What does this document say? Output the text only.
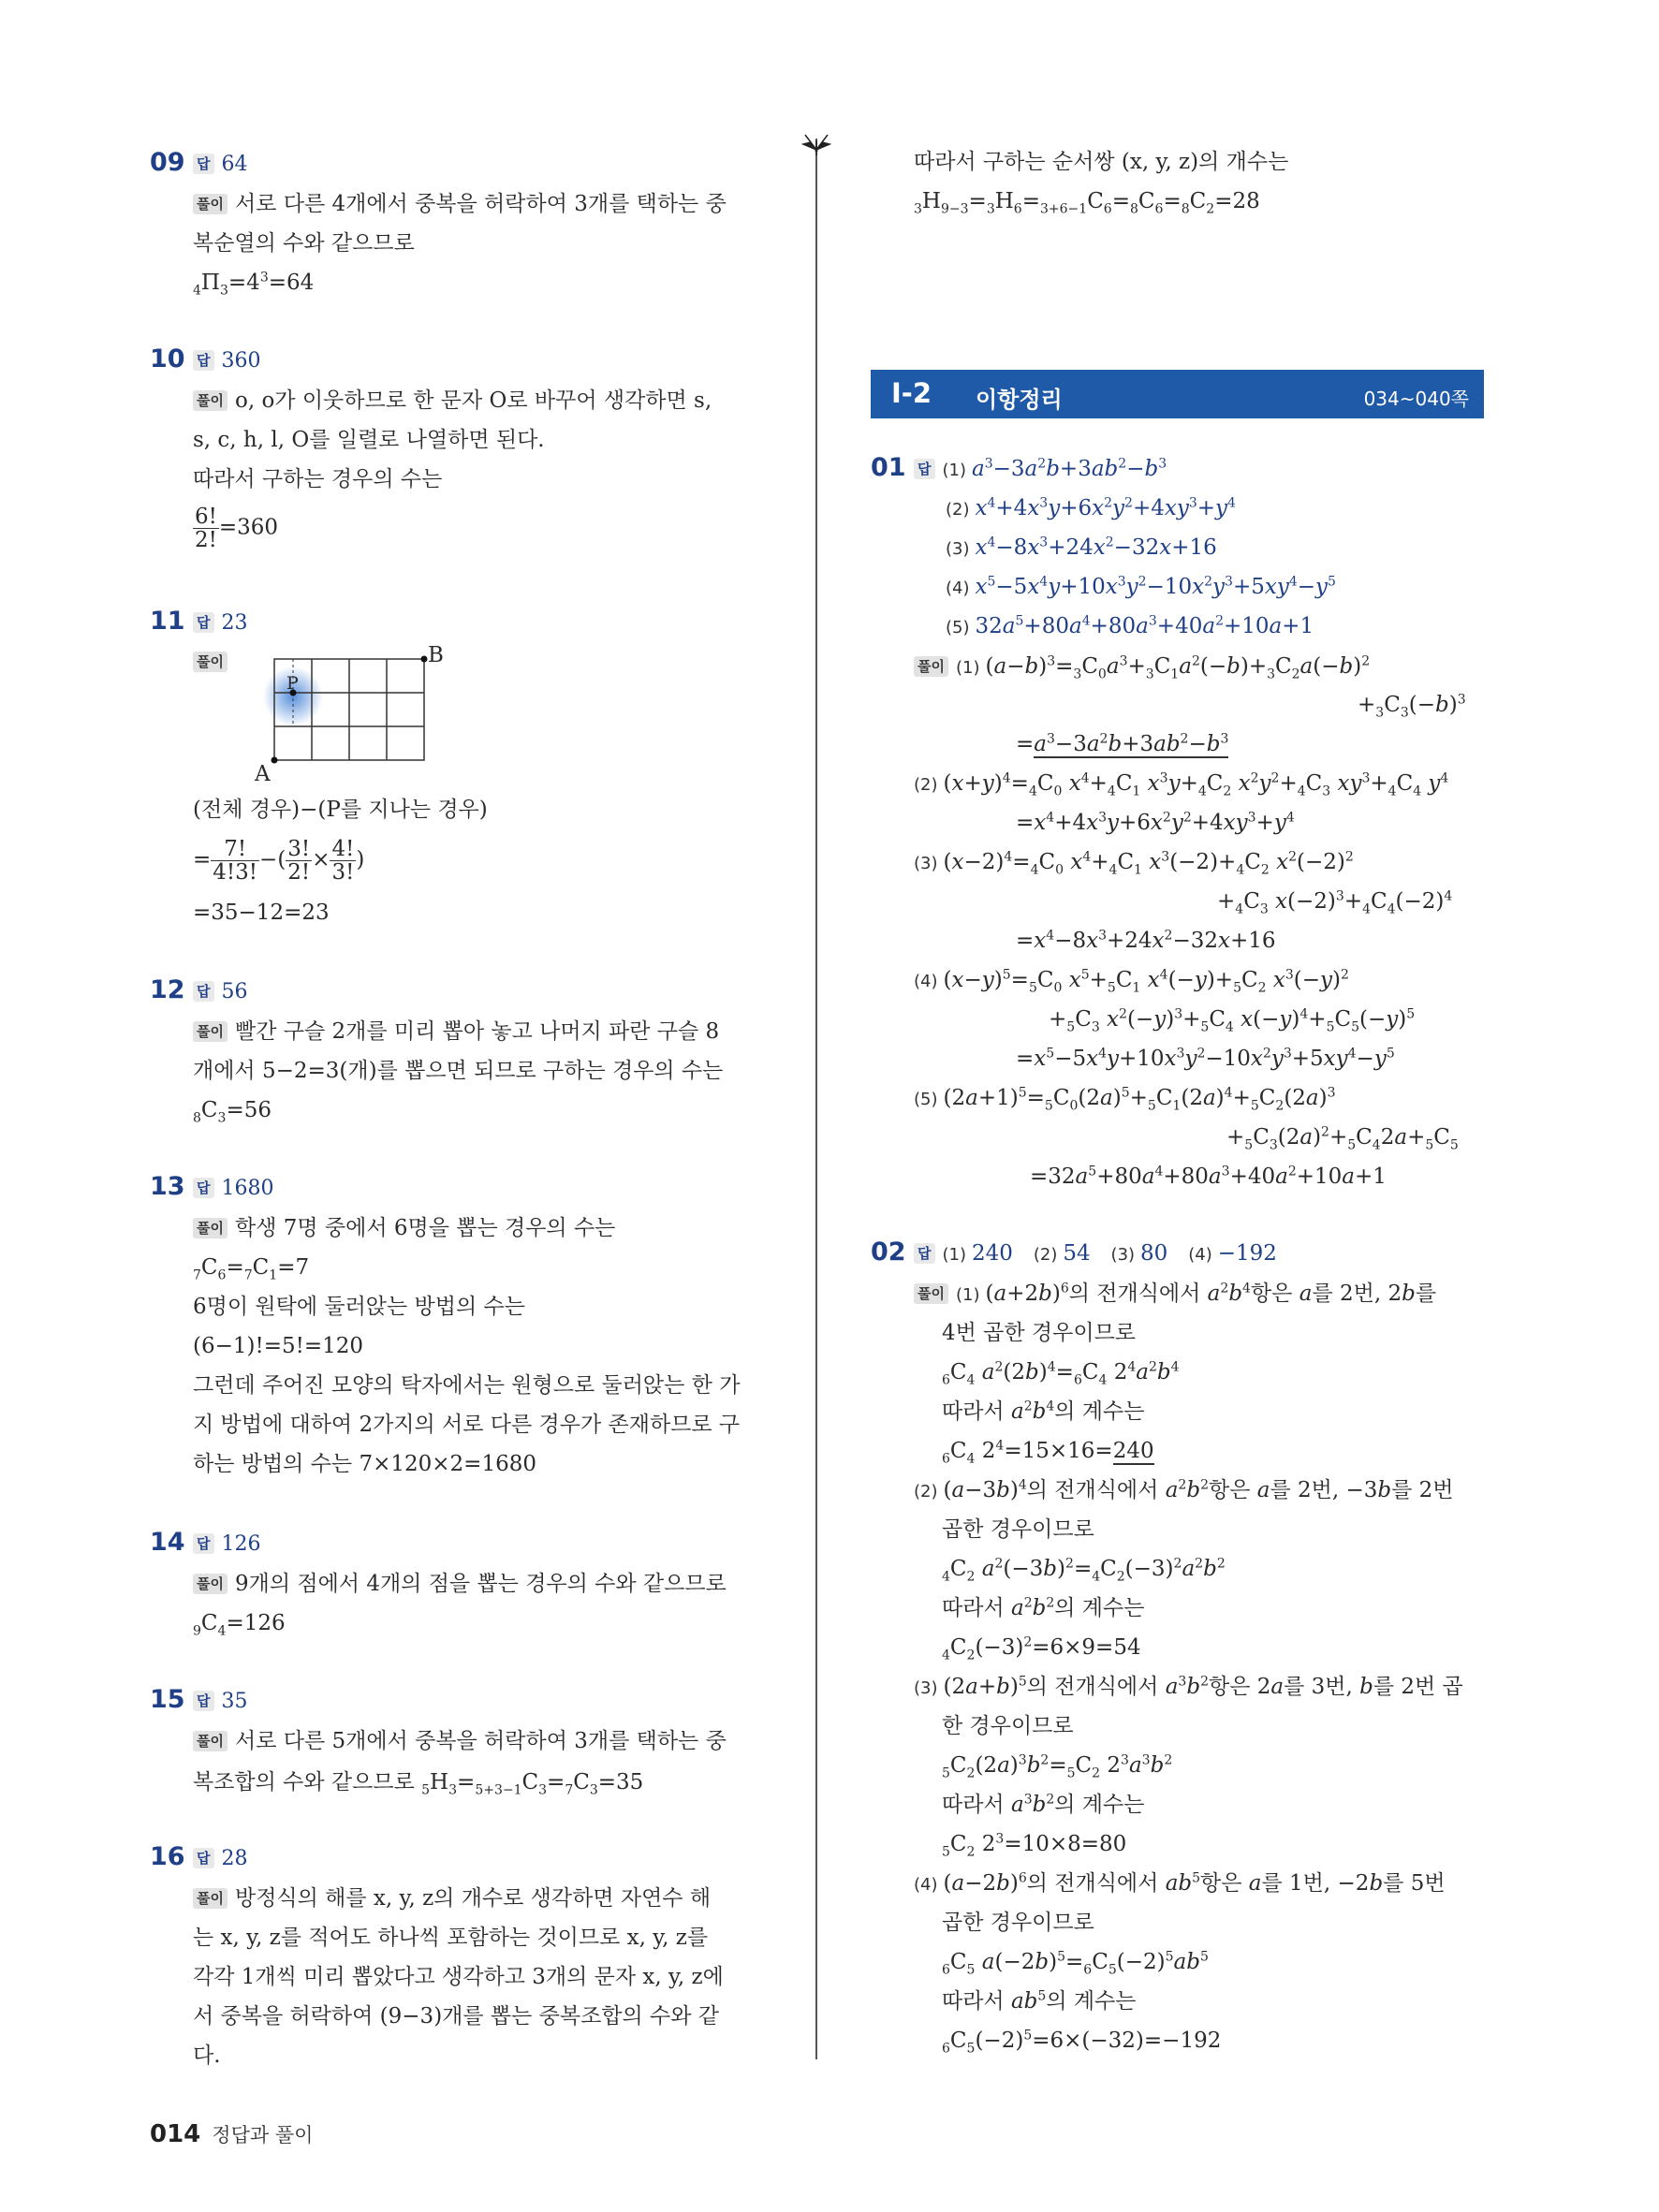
09 답 64
풀이 서로 다른 4개에서 중복을 허락하여 3개를 택하는 중
복순열의 수와 같으므로
$_4\Pi_3=4^3=64$
10 답 360
풀이 o, o가 이웃하므로 한 문자 O로 바꾸어 생각하면 s,
s, c, h, l, O를 일렬로 나열하면 된다.
따라서 구하는 경우의 수는
$\frac{6!}{2!} =360$
11 답 23
풀이	B
P
A
(전체 경우)−(P를 지나는 경우)
= $\frac{7!}{4!3!}$ −( $\frac{3!}{2!} \times \frac{4!}{3!}$ )
=35−12=23
12 답 56
풀이 빨간 구슬 2개를 미리 뽑아 놓고 나머지 파란 구슬 8
개에서 5−2=3(개)를 뽑으면 되므로 구하는 경우의 수는
$_8C_3=56$
13 답 1680
풀이 학생 7명 중에서 6명을 뽑는 경우의 수는
$_7C_6=_7C_1=7$
6명이 원탁에 둘러앉는 방법의 수는
(6−1)!=5!=120
그런데 주어진 모양의 탁자에서는 원형으로 둘러앉는 한 가
지 방법에 대하여 2가지의 서로 다른 경우가 존재하므로 구
하는 방법의 수는 7×120×2=1680
14 답 126
풀이 9개의 점에서 4개의 점을 뽑는 경우의 수와 같으므로
$_9C_4=126$
15 답 35
풀이 서로 다른 5개에서 중복을 허락하여 3개를 택하는 중
복조합의 수와 같으므로 $_5H_3=_{5+3-1}C_3=_7C_3=35$
16 답 28
풀이 방정식의 해를 x, y, z의 개수로 생각하면 자연수 해
는 x, y, z를 적어도 하나씩 포함하는 것이므로 x, y, z를
각각 1개씩 미리 뽑았다고 생각하고 3개의 문자 x, y, z에
서 중복을 허락하여 (9−3)개를 뽑는 중복조합의 수와 같
다.
따라서 구하는 순서쌍 (x, y, z)의 개수는
$_3H_{9-3}=_3H_6=_{3+6-1}C_6=_8C_6=_8C_2=28$
Ⅰ-2 이항정리	034~040쪽
01 답 (1) $a^3-3a^2b+3ab^2-b^3$
(2) $x^4+4x^3y+6x^2y^2+4xy^3+y^4$
(3) $x^4-8x^3+24x^2-32x+16$
(4) $x^5-5x^4y+10x^3y^2-10x^2y^3+5xy^4-y^5$
(5) $32a^5+80a^4+80a^3+40a^2+10a+1$
풀이 (1) $(a-b)^3=_3C_0a^3+_3C_1a^2(-b)+_3C_2a(-b)^2$
$+_3C_3(-b)^3$
$=a^3-3a^2b+3ab^2-b^3$
(2) $(x+y)^4=_4C_0$ $x^4+_4C_1$ $x^3y+_4C_2$ $x^2y^2+_4C_3$ $xy^3+_4C_4$ $y^4$
$=x^4+4x^3y+6x^2y^2+4xy^3+y^4$
(3) $(x-2)^4=_4C_0$ $x^4+_4C_1$ $x^3(-2)+_4C_2$ $x^2(-2)^2$
$+_4C_3$ $x(-2)^3+_4C_4(-2)^4$
$=x^4-8x^3+24x^2-32x+16$
(4) $(x-y)^5=_5C_0$ $x^5+_5C_1$ $x^4(-y)+_5C_2$ $x^3(-y)^2$
$+_5C_3$ $x^2(-y)^3+_5C_4$ $x(-y)^4+_5C_5(-y)^5$
$=x^5-5x^4y+10x^3y^2-10x^2y^3+5xy^4-y^5$
(5) $(2a+1)^5=_5C_0(2a)^5+_5C_1(2a)^4+_5C_2(2a)^3$
$+_5C_3(2a)^2+_5C_42a+_5C_5$
$=32a^5+80a^4+80a^3+40a^2+10a+1$
02 답 (1) 240   (2) 54   (3) 80   (4) −192
풀이 (1) $(a+2b)^6$의 전개식에서 $a^2b^4$항은 a를 2번, 2b를
4번 곱한 경우이므로
$_6C_4$ $a^2(2b)^4=_6C_4$ $2^4a^2b^4$
따라서 $a^2b^4$의 계수는
$_6C_4$ $2^4=15\times 16=240$
(2) $(a-3b)^4$의 전개식에서 $a^2b^2$항은 a를 2번, −3b를 2번
곱한 경우이므로
$_4C_2$ $a^2(-3b)^2=_4C_2(-3)^2a^2b^2$
따라서 $a^2b^2$의 계수는
$_4C_2(-3)^2=6\times 9=54$
(3) $(2a+b)^5$의 전개식에서 $a^3b^2$항은 2a를 3번, b를 2번 곱
한 경우이므로
$_5C_2(2a)^3b^2=_5C_2$ $2^3a^3b^2$
따라서 $a^3b^2$의 계수는
$_5C_2$ $2^3=10\times 8=80$
(4) $(a-2b)^6$의 전개식에서 $ab^5$항은 a를 1번, −2b를 5번
곱한 경우이므로
$_6C_5$ $a(-2b)^5=_6C_5(-2)^5ab^5$
따라서 $ab^5$의 계수는
$_6C_5(-2)^5=6\times(-32)=-192$
014 정답과 풀이
